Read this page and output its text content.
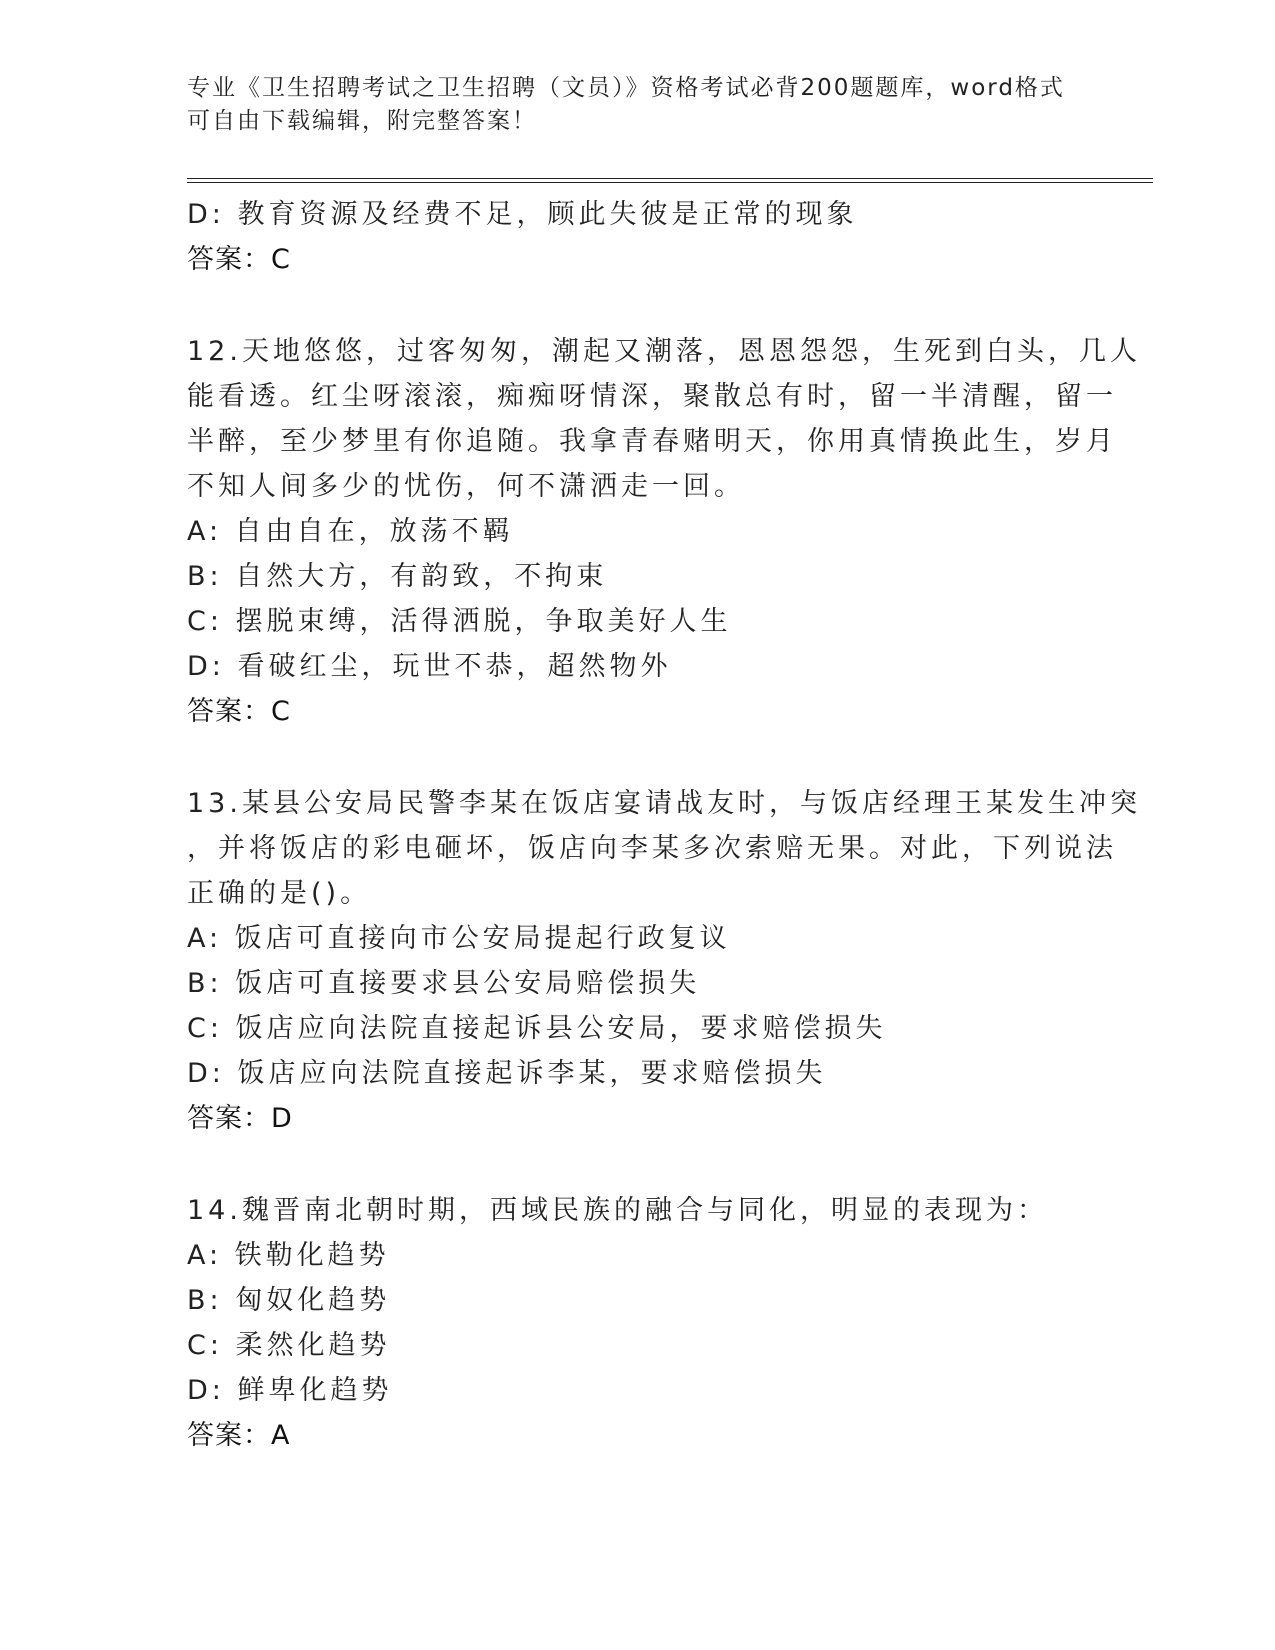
专业《卫生招聘考试之卫生招聘（文员）》资格考试必背200题题库，word格式
可自由下载编辑，附完整答案！
D: 教育资源及经费不足，顾此失彼是正常的现象
答案：C
12.天地悠悠，过客匆匆，潮起又潮落，恩恩怨怨，生死到白头，几人
能看透。红尘呀滚滚，痴痴呀情深，聚散总有时，留一半清醒，留一
半醉，至少梦里有你追随。我拿青春赌明天，你用真情换此生，岁月
不知人间多少的忧伤，何不潇洒走一回。
A: 自由自在，放荡不羁
B: 自然大方，有韵致，不拘束
C: 摆脱束缚，活得洒脱，争取美好人生
D: 看破红尘，玩世不恭，超然物外
答案：C
13.某县公安局民警李某在饭店宴请战友时，与饭店经理王某发生冲突
，并将饭店的彩电砸坏，饭店向李某多次索赔无果。对此，下列说法
正确的是()。
A: 饭店可直接向市公安局提起行政复议
B: 饭店可直接要求县公安局赔偿损失
C: 饭店应向法院直接起诉县公安局，要求赔偿损失
D: 饭店应向法院直接起诉李某，要求赔偿损失
答案：D
14.魏晋南北朝时期，西域民族的融合与同化，明显的表现为：
A: 铁勒化趋势
B: 匈奴化趋势
C: 柔然化趋势
D: 鲜卑化趋势
答案：A
